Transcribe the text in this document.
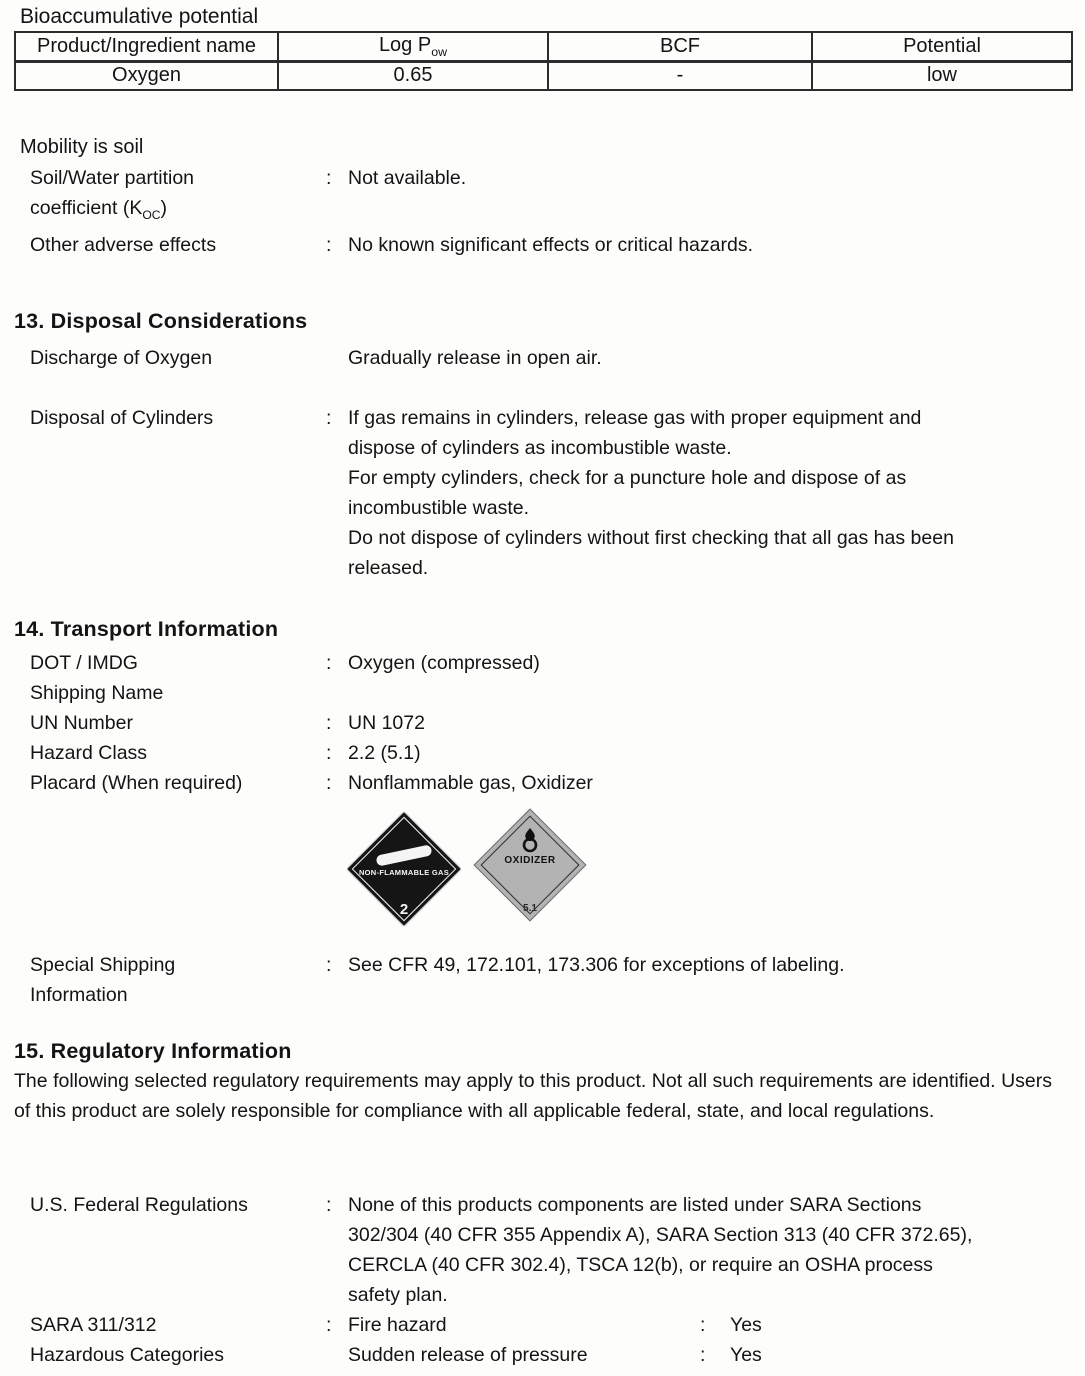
Bioaccumulative potential
Product/Ingredient name	Log $P_{ow}$	BCF	Potential
Oxygen	0.65	-	low
Mobility is soil
Soil/Water partition
coefficient $(K_{OC})$
: Not available.
Other adverse effects	: No known significant effects or critical hazards.
13. Disposal Considerations
Discharge of Oxygen	Gradually release in open air.
Disposal of Cylinders	: If gas remains in cylinders, release gas with proper equipment and
dispose of cylinders as incombustible waste.
For empty cylinders, check for a puncture hole and dispose of as
incombustible waste.
Do not dispose of cylinders without first checking that all gas has been
released.
14. Transport Information
DOT / IMDG
Shipping Name
: Oxygen (compressed)
UN Number	: UN 1072
Hazard Class	: 2.2 (5.1)
Placard (When required)	: Nonflammable gas, Oxidizer
NON-FLAMMABLE GAS
2
OXIDIZER
5.1
Special Shipping
Information
: See CFR 49, 172.101, 173.306 for exceptions of labeling.
15. Regulatory Information
The following selected regulatory requirements may apply to this product. Not all such requirements are identified. Users of this product are solely responsible for compliance with all applicable federal, state, and local regulations.
U.S. Federal Regulations	: None of this products components are listed under SARA Sections
302/304 (40 CFR 355 Appendix A), SARA Section 313 (40 CFR 372.65),
CERCLA (40 CFR 302.4), TSCA 12(b), or require an OSHA process
safety plan.
SARA 311/312	: Fire hazard	:	Yes
Hazardous Categories	Sudden release of pressure	:	Yes
